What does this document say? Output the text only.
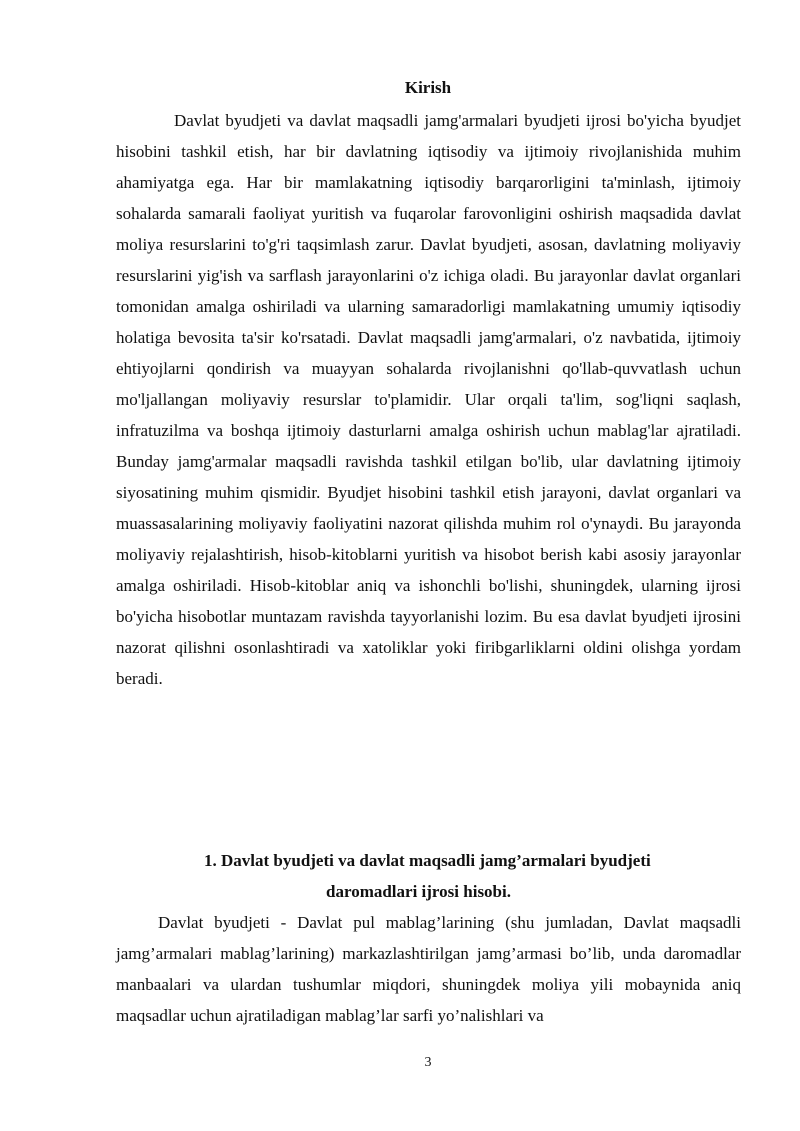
Kirish

Davlat byudjeti va davlat maqsadli jamg'armalari byudjeti ijrosi bo'yicha byudjet hisobini tashkil etish, har bir davlatning iqtisodiy va ijtimoiy rivojlanishida muhim ahamiyatga ega. Har bir mamlakatning iqtisodiy barqarorligini ta'minlash, ijtimoiy sohalarda samarali faoliyat yuritish va fuqarolar farovonligini oshirish maqsadida davlat moliya resurslarini to'g'ri taqsimlash zarur. Davlat byudjeti, asosan, davlatning moliyaviy resurslarini yig'ish va sarflash jarayonlarini o'z ichiga oladi. Bu jarayonlar davlat organlari tomonidan amalga oshiriladi va ularning samaradorligi mamlakatning umumiy iqtisodiy holatiga bevosita ta'sir ko'rsatadi. Davlat maqsadli jamg'armalari, o'z navbatida, ijtimoiy ehtiyojlarni qondirish va muayyan sohalarda rivojlanishni qo'llab-quvvatlash uchun mo'ljallangan moliyaviy resurslar to'plamidir. Ular orqali ta'lim, sog'liqni saqlash, infratuzilma va boshqa ijtimoiy dasturlarni amalga oshirish uchun mablag'lar ajratiladi. Bunday jamg'armalar maqsadli ravishda tashkil etilgan bo'lib, ular davlatning ijtimoiy siyosatining muhim qismidir. Byudjet hisobini tashkil etish jarayoni, davlat organlari va muassasalarining moliyaviy faoliyatini nazorat qilishda muhim rol o'ynaydi. Bu jarayonda moliyaviy rejalashtirish, hisob-kitoblarni yuritish va hisobot berish kabi asosiy jarayonlar amalga oshiriladi. Hisob-kitoblar aniq va ishonchli bo'lishi, shuningdek, ularning ijrosi bo'yicha hisobotlar muntazam ravishda tayyorlanishi lozim. Bu esa davlat byudjeti ijrosini nazorat qilishni osonlashtiradi va xatoliklar yoki firibgarliklarni oldini olishga yordam beradi.

1. Davlat byudjeti va davlat maqsadli jamg’armalari byudjeti
daromadlari ijrosi hisobi.

Davlat byudjeti - Davlat pul mablag’larining (shu jumladan, Davlat maqsadli jamg’armalari mablag’larining) markazlashtirilgan jamg’armasi bo’lib, unda daromadlar manbaalari va ulardan tushumlar miqdori, shuningdek moliya yili mobaynida aniq maqsadlar uchun ajratiladigan mablag’lar sarfi yo’nalishlari va

3
